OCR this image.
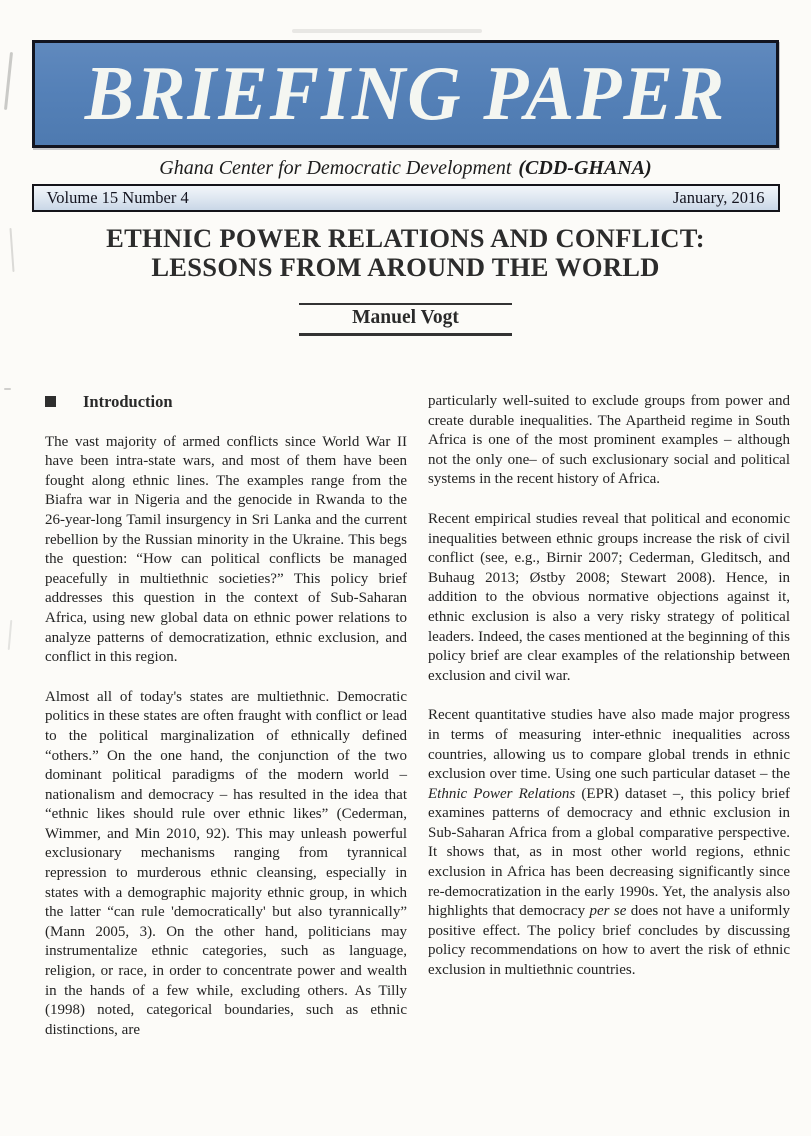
BRIEFING PAPER
Ghana Center for Democratic Development (CDD-GHANA)
Volume 15 Number 4	January, 2016
ETHNIC POWER RELATIONS AND CONFLICT:
LESSONS FROM AROUND THE WORLD
Manuel Vogt
Introduction

The vast majority of armed conflicts since World War II have been intra-state wars, and most of them have been fought along ethnic lines. The examples range from the Biafra war in Nigeria and the genocide in Rwanda to the 26-year-long Tamil insurgency in Sri Lanka and the current rebellion by the Russian minority in the Ukraine. This begs the question: “How can political conflicts be managed peacefully in multiethnic societies?” This policy brief addresses this question in the context of Sub-Saharan Africa, using new global data on ethnic power relations to analyze patterns of democratization, ethnic exclusion, and conflict in this region.

Almost all of today's states are multiethnic. Democratic politics in these states are often fraught with conflict or lead to the political marginalization of ethnically defined “others.” On the one hand, the conjunction of the two dominant political paradigms of the modern world – nationalism and democracy – has resulted in the idea that “ethnic likes should rule over ethnic likes” (Cederman, Wimmer, and Min 2010, 92). This may unleash powerful exclusionary mechanisms ranging from tyrannical repression to murderous ethnic cleansing, especially in states with a demographic majority ethnic group, in which the latter “can rule 'democratically' but also tyrannically” (Mann 2005, 3). On the other hand, politicians may instrumentalize ethnic categories, such as language, religion, or race, in order to concentrate power and wealth in the hands of a few while, excluding others. As Tilly (1998) noted, categorical boundaries, such as ethnic distinctions, are

particularly well-suited to exclude groups from power and create durable inequalities. The Apartheid regime in South Africa is one of the most prominent examples – although not the only one– of such exclusionary social and political systems in the recent history of Africa.

Recent empirical studies reveal that political and economic inequalities between ethnic groups increase the risk of civil conflict (see, e.g., Birnir 2007; Cederman, Gleditsch, and Buhaug 2013; Østby 2008; Stewart 2008). Hence, in addition to the obvious normative objections against it, ethnic exclusion is also a very risky strategy of political leaders. Indeed, the cases mentioned at the beginning of this policy brief are clear examples of the relationship between exclusion and civil war.

Recent quantitative studies have also made major progress in terms of measuring inter-ethnic inequalities across countries, allowing us to compare global trends in ethnic exclusion over time. Using one such particular dataset – the Ethnic Power Relations (EPR) dataset –, this policy brief examines patterns of democracy and ethnic exclusion in Sub-Saharan Africa from a global comparative perspective. It shows that, as in most other world regions, ethnic exclusion in Africa has been decreasing significantly since re-democratization in the early 1990s. Yet, the analysis also highlights that democracy per se does not have a uniformly positive effect. The policy brief concludes by discussing policy recommendations on how to avert the risk of ethnic exclusion in multiethnic countries.
